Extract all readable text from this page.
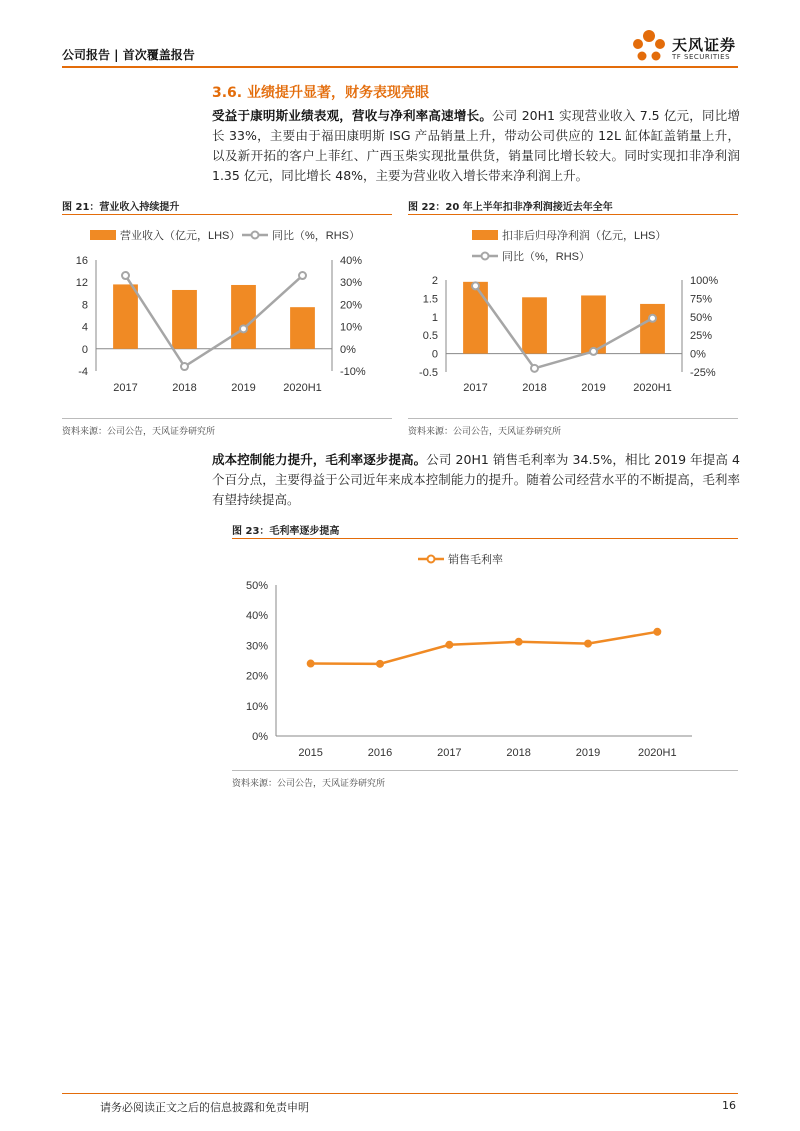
公司报告 | 首次覆盖报告
天风证券
TF SECURITIES
3.6. 业绩提升显著，财务表现亮眼
受益于康明斯业绩表观，营收与净利率高速增长。公司 20H1 实现营业收入 7.5 亿元，同比增长 33%，主要由于福田康明斯 ISG 产品销量上升，带动公司供应的 12L 缸体缸盖销量上升，以及新开拓的客户上菲红、广西玉柴实现批量供货，销量同比增长较大。同时实现扣非净利润 1.35 亿元，同比增长 48%，主要为营业收入增长带来净利润上升。
图 21：营业收入持续提升
营业收入（亿元，LHS）	同比（%，RHS）
-4
0
4
8
12
16
-10%
0%
10%
20%
30%
40%
2017	2018	2019 2020H1
资料来源：公司公告，天风证券研究所
图 22：20 年上半年扣非净利润接近去年全年
扣非后归母净利润（亿元，LHS）
同比（%，RHS）
-0.5
0
0.5
1
1.5
2
-25%
0%
25%
50%
75%
100%
2017	2018	2019 2020H1
资料来源：公司公告，天风证券研究所
成本控制能力提升，毛利率逐步提高。公司 20H1 销售毛利率为 34.5%，相比 2019 年提高 4 个百分点，主要得益于公司近年来成本控制能力的提升。随着公司经营水平的不断提高，毛利率有望持续提高。
图 23：毛利率逐步提高
销售毛利率
0%
10%
20%
30%
40%
50%
2015	2016	2017	2018	2019	2020H1
资料来源：公司公告，天风证券研究所
请务必阅读正文之后的信息披露和免责申明	16
